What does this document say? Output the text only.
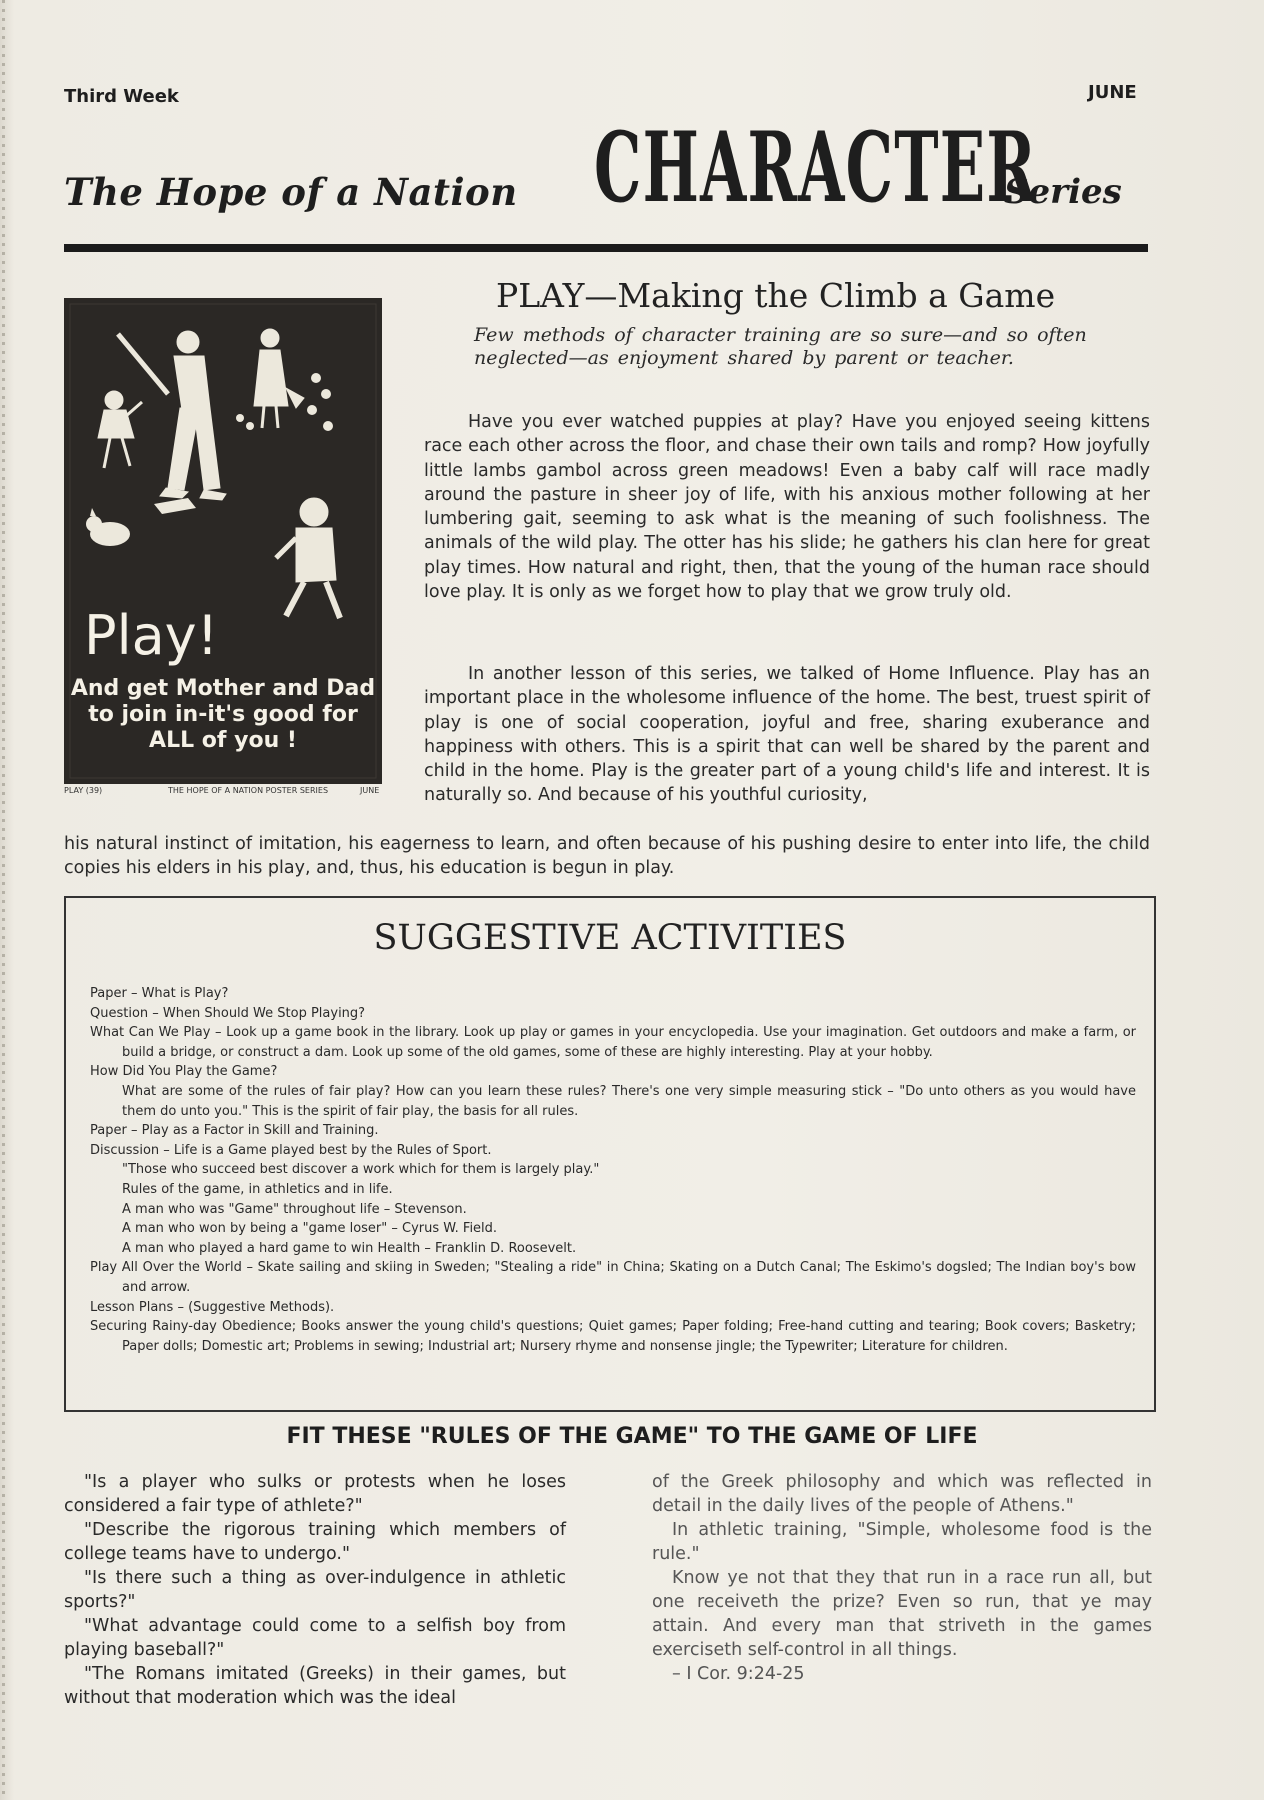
Third Week	JUNE
The Hope of a Nation CHARACTER
Series
Play!
And get Mother and Dad
to join in-it's good for
ALL of you !
PLAY (39)	THE HOPE OF A NATION POSTER SERIES	JUNE
PLAY—Making the Climb a Game
Few methods of character training are so sure—and so often neglected—as enjoyment shared by parent or teacher.

Have you ever watched puppies at play? Have you enjoyed seeing kittens race each other across the floor, and chase their own tails and romp? How joyfully little lambs gambol across green meadows! Even a baby calf will race madly around the pasture in sheer joy of life, with his anxious mother following at her lumbering gait, seeming to ask what is the meaning of such foolishness. The animals of the wild play. The otter has his slide; he gathers his clan here for great play times. How natural and right, then, that the young of the human race should love play. It is only as we forget how to play that we grow truly old.

In another lesson of this series, we talked of Home Influence. Play has an important place in the wholesome influence of the home. The best, truest spirit of play is one of social cooperation, joyful and free, sharing exuberance and happiness with others. This is a spirit that can well be shared by the parent and child in the home. Play is the greater part of a young child's life and interest. It is naturally so. And because of his youthful curiosity,

his natural instinct of imitation, his eagerness to learn, and often because of his pushing desire to enter into life, the child copies his elders in his play, and, thus, his education is begun in play.

SUGGESTIVE ACTIVITIES
Paper – What is Play?
Question – When Should We Stop Playing?
What Can We Play – Look up a game book in the library. Look up play or games in your encyclopedia. Use your imagination. Get outdoors and make a farm, or build a bridge, or construct a dam. Look up some of the old games, some of these are highly interesting. Play at your hobby.
How Did You Play the Game?
What are some of the rules of fair play? How can you learn these rules? There's one very simple measuring stick – "Do unto others as you would have them do unto you." This is the spirit of fair play, the basis for all rules.
Paper – Play as a Factor in Skill and Training.
Discussion – Life is a Game played best by the Rules of Sport.
"Those who succeed best discover a work which for them is largely play."
Rules of the game, in athletics and in life.
A man who was "Game" throughout life – Stevenson.
A man who won by being a "game loser" – Cyrus W. Field.
A man who played a hard game to win Health – Franklin D. Roosevelt.
Play All Over the World – Skate sailing and skiing in Sweden; "Stealing a ride" in China; Skating on a Dutch Canal; The Eskimo's dogsled; The Indian boy's bow and arrow.
Lesson Plans – (Suggestive Methods).
Securing Rainy-day Obedience; Books answer the young child's questions; Quiet games; Paper folding; Free-hand cutting and tearing; Book covers; Basketry; Paper dolls; Domestic art; Problems in sewing; Industrial art; Nursery rhyme and nonsense jingle; the Typewriter; Literature for children.
FIT THESE "RULES OF THE GAME" TO THE GAME OF LIFE

"Is a player who sulks or protests when he loses considered a fair type of athlete?"

"Describe the rigorous training which members of college teams have to undergo."

"Is there such a thing as over-indulgence in athletic sports?"

"What advantage could come to a selfish boy from playing baseball?"

"The Romans imitated (Greeks) in their games, but without that moderation which was the ideal

of the Greek philosophy and which was reflected in detail in the daily lives of the people of Athens."

In athletic training, "Simple, wholesome food is the rule."

Know ye not that they that run in a race run all, but one receiveth the prize? Even so run, that ye may attain. And every man that striveth in the games exerciseth self-control in all things.

– I Cor. 9:24-25
